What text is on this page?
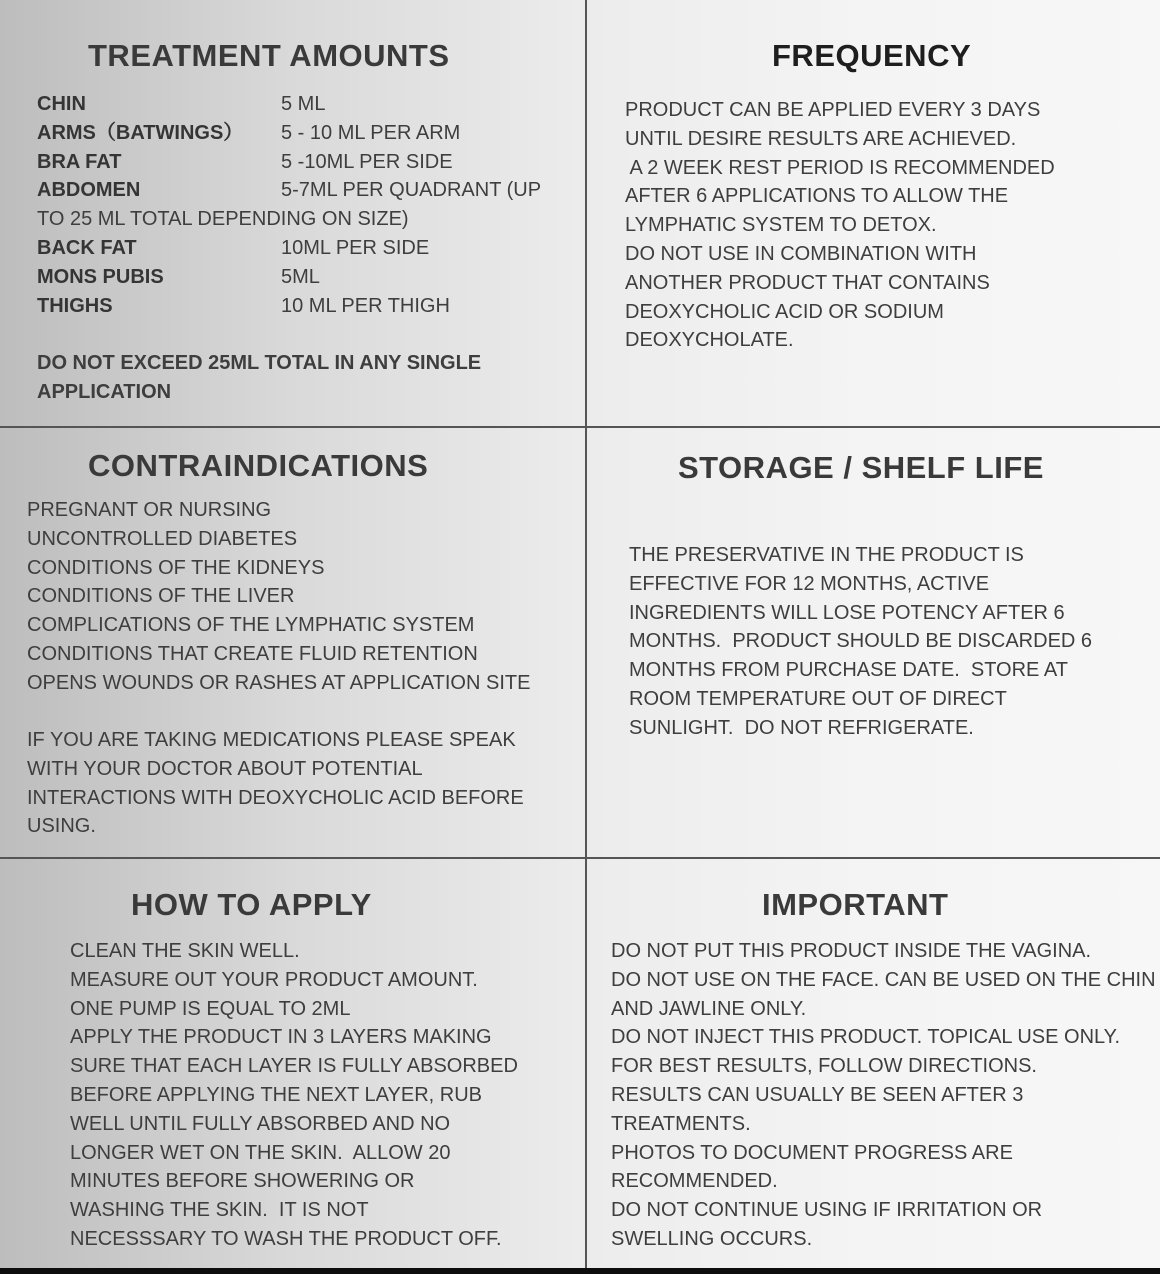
TREATMENT AMOUNTS
CHIN	5 ML
ARMS（BATWINGS） 5 - 10 ML PER ARM
BRA FAT	5 -10ML PER SIDE
ABDOMEN	5-7ML PER QUADRANT (UP
TO 25 ML TOTAL DEPENDING ON SIZE)
BACK FAT	10ML PER SIDE
MONS PUBIS	5ML
THIGHS	10 ML PER THIGH
DO NOT EXCEED 25ML TOTAL IN ANY SINGLE
APPLICATION
FREQUENCY
PRODUCT CAN BE APPLIED EVERY 3 DAYS
UNTIL DESIRE RESULTS ARE ACHIEVED.
A 2 WEEK REST PERIOD IS RECOMMENDED
AFTER 6 APPLICATIONS TO ALLOW THE
LYMPHATIC SYSTEM TO DETOX.
DO NOT USE IN COMBINATION WITH
ANOTHER PRODUCT THAT CONTAINS
DEOXYCHOLIC ACID OR SODIUM
DEOXYCHOLATE.
CONTRAINDICATIONS
PREGNANT OR NURSING
UNCONTROLLED DIABETES
CONDITIONS OF THE KIDNEYS
CONDITIONS OF THE LIVER
COMPLICATIONS OF THE LYMPHATIC SYSTEM
CONDITIONS THAT CREATE FLUID RETENTION
OPENS WOUNDS OR RASHES AT APPLICATION SITE
IF YOU ARE TAKING MEDICATIONS PLEASE SPEAK
WITH YOUR DOCTOR ABOUT POTENTIAL
INTERACTIONS WITH DEOXYCHOLIC ACID BEFORE
USING.
STORAGE / SHELF LIFE
THE PRESERVATIVE IN THE PRODUCT IS
EFFECTIVE FOR 12 MONTHS, ACTIVE
INGREDIENTS WILL LOSE POTENCY AFTER 6
MONTHS.  PRODUCT SHOULD BE DISCARDED 6
MONTHS FROM PURCHASE DATE.  STORE AT
ROOM TEMPERATURE OUT OF DIRECT
SUNLIGHT.  DO NOT REFRIGERATE.
HOW TO APPLY
CLEAN THE SKIN WELL.
MEASURE OUT YOUR PRODUCT AMOUNT.
ONE PUMP IS EQUAL TO 2ML
APPLY THE PRODUCT IN 3 LAYERS MAKING
SURE THAT EACH LAYER IS FULLY ABSORBED
BEFORE APPLYING THE NEXT LAYER, RUB
WELL UNTIL FULLY ABSORBED AND NO
LONGER WET ON THE SKIN.  ALLOW 20
MINUTES BEFORE SHOWERING OR
WASHING THE SKIN.  IT IS NOT
NECESSSARY TO WASH THE PRODUCT OFF.
IMPORTANT
DO NOT PUT THIS PRODUCT INSIDE THE VAGINA.
DO NOT USE ON THE FACE. CAN BE USED ON THE CHIN
AND JAWLINE ONLY.
DO NOT INJECT THIS PRODUCT. TOPICAL USE ONLY.
FOR BEST RESULTS, FOLLOW DIRECTIONS.
RESULTS CAN USUALLY BE SEEN AFTER 3
TREATMENTS.
PHOTOS TO DOCUMENT PROGRESS ARE
RECOMMENDED.
DO NOT CONTINUE USING IF IRRITATION OR
SWELLING OCCURS.
